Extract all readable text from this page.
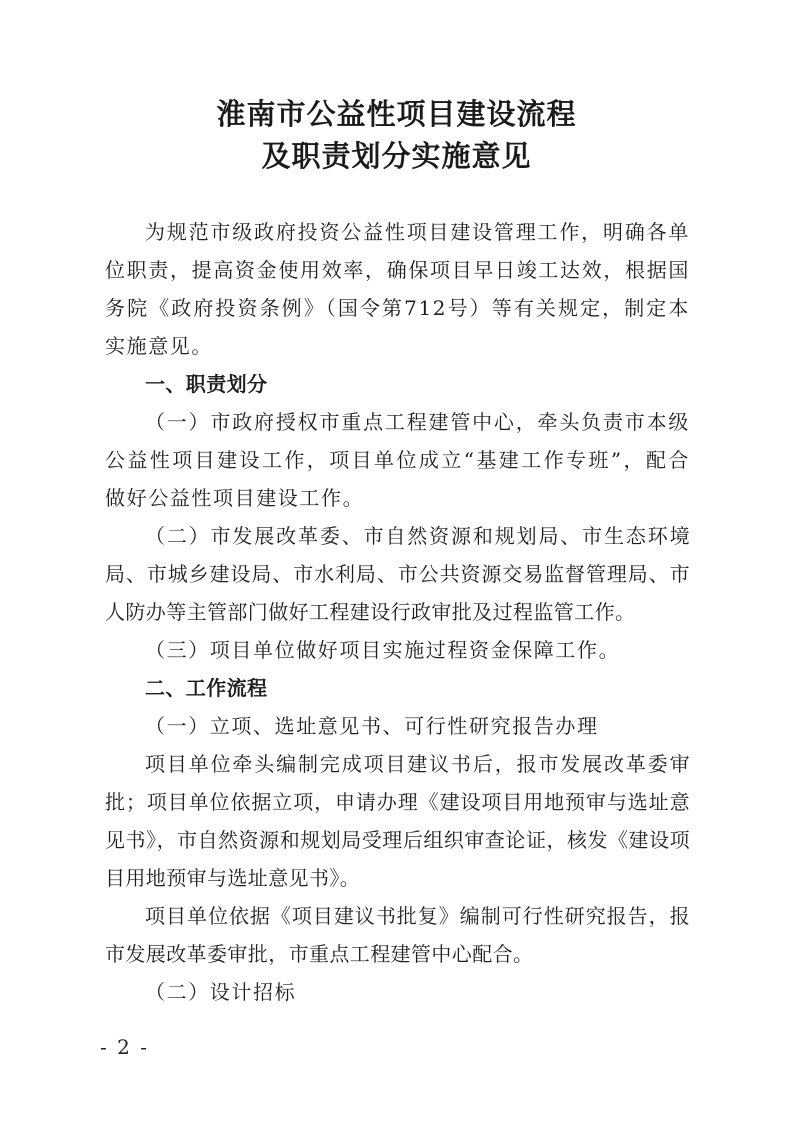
淮南市公益性项目建设流程
及职责划分实施意见

为规范市级政府投资公益性项目建设管理工作，明确各单位职责，提高资金使用效率，确保项目早日竣工达效，根据国务院《政府投资条例》（国令第712号）等有关规定，制定本实施意见。

一、职责划分

（一）市政府授权市重点工程建管中心，牵头负责市本级公益性项目建设工作，项目单位成立“基建工作专班”，配合做好公益性项目建设工作。

（二）市发展改革委、市自然资源和规划局、市生态环境局、市城乡建设局、市水利局、市公共资源交易监督管理局、市人防办等主管部门做好工程建设行政审批及过程监管工作。

（三）项目单位做好项目实施过程资金保障工作。

二、工作流程

（一）立项、选址意见书、可行性研究报告办理

项目单位牵头编制完成项目建议书后，报市发展改革委审批；项目单位依据立项，申请办理《建设项目用地预审与选址意见书》，市自然资源和规划局受理后组织审查论证，核发《建设项目用地预审与选址意见书》。

项目单位依据《项目建议书批复》编制可行性研究报告，报市发展改革委审批，市重点工程建管中心配合。

（二）设计招标

- 2 -
